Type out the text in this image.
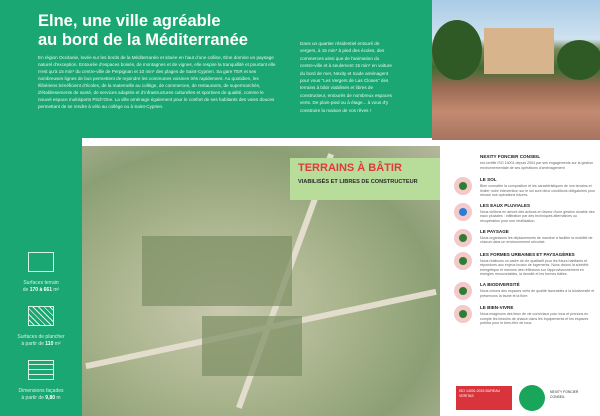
Elne, une ville agréable
au bord de la Méditerranée
En région Occitanie, lovée sur les bords de la Méditerranée et située en haut d'une colline, Elne domine un paysage naturel d'exception. Entourée d'espaces boisés, de montagnes et de vignes, elle respire la tranquillité et pourtant elle n'est qu'à 15 min* du centre-ville de Perpignan et 10 min* des plages de Saint-Cyprien. Sa gare TER et ses nombreuses lignes de bus permettent de rejoindre les communes voisines très rapidement. Au quotidien, les Illibériens bénéficient d'écoles, de la maternelle au collège, de commerces, de restaurants, de supermarchés, d'établissements de santé, de services adaptés et d'infrastructures culturelles et sportives de qualité, comme le nouvel espace multisports Pitch'One. La ville aménage également pour le confort de ses habitants des voies douces permettant de se rendre à vélo au collège ou à Saint-Cyprien.
Dans un quartier résidentiel entouré de vergers, à 15 min* à pied des écoles, des commerces ainsi que de l'animation du centre-ville et à seulement 15 min* en voiture du bord de mer, Nexity et Icade aménagent pour vous "Les Vergers de Las Closes" des terrains à bâtir viabilisés et libres de constructeur, entourés de nombreux espaces verts. De plain-pied ou à étage... à vous d'y construire la maison de vos rêves !
TERRAINS À BÂTIR
VIABILISÉS ET LIBRES DE CONSTRUCTEUR
Surfaces terrain
de 170 à 661 m²
Surfaces de plancher
à partir de 110 m²
Dimensions façades
à partir de 9,80 m
NEXITY FONCIER CONSEIL

est certifié ISO 14001 depuis 2004 par ses engagements sur la gestion environnementale de ses opérations d'aménagement

LE SOL

Bien connaître la composition et les caractéristiques de nos terrains et limiter notre intervention sur le sol sont deux conditions obligatoires pour réussir nos opérations futures.

LES EAUX PLUVIALES

Nous veillons en amont des actions en faveur d'une gestion durable des eaux pluviales : infiltration par des techniques alternatives ou récupération pour une réutilisation.

LE PAYSAGE

Nous organisons les déplacements de manière à faciliter la mobilité de chacun dans un environnement sécurisé.

LES FORMES URBAINES ET PAYSAGÈRES

Nous réalisons un cadre de vie qualitatif pour les futurs habitants et répondons aux enjeux locaux de logements. Nous visons la sobriété énergétique et menons des réflexions sur l'approvisionnement en énergies renouvelables, la densité et les formes bâties.

LA BIODIVERSITÉ

Nous créons des espaces verts de qualité favorables à la biodiversité et préservons la faune et la flore.

LE BIEN-VIVRE

Nous imaginons des lieux de vie conviviaux pour tous et prenons en compte les besoins de chacun dans les équipements et les espaces publics pour le bien-être de tous.

ISO 14001:2015 BUREAU VERITAS
NEXITY FONCIER CONSEIL
